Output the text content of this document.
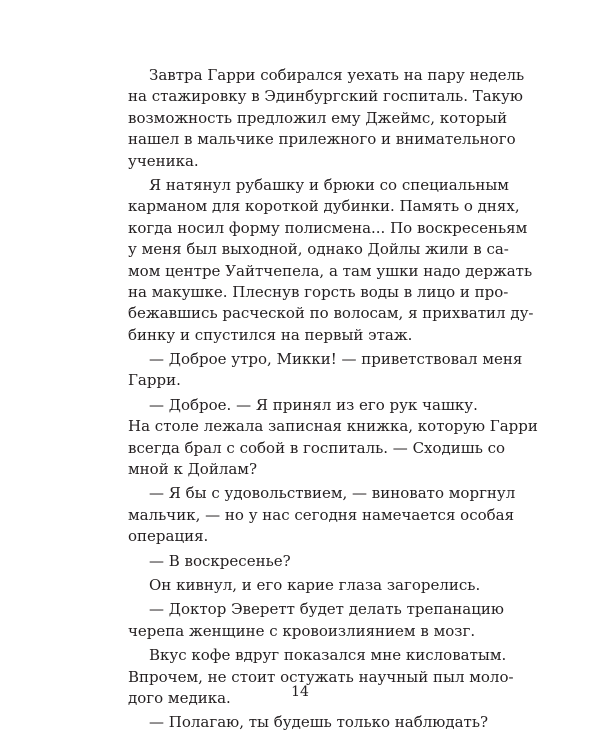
Завтра Гарри собирался уехать на пару недель
на стажировку в Эдинбургский госпиталь. Такую
возможность предложил ему Джеймс, который
нашел в мальчике прилежного и внимательного
ученика.
Я натянул рубашку и брюки со специальным
карманом для короткой дубинки. Память о днях,
когда носил форму полисмена... По воскресеньям
у меня был выходной, однако Дойлы жили в са-
мом центре Уайтчепела, а там ушки надо держать
на макушке. Плеснув горсть воды в лицо и про-
бежавшись расческой по волосам, я прихватил ду-
бинку и спустился на первый этаж.
— Доброе утро, Микки! — приветствовал меня
Гарри.
— Доброе. — Я принял из его рук чашку.
На столе лежала записная книжка, которую Гарри
всегда брал с собой в госпиталь. — Сходишь со
мной к Дойлам?
— Я бы с удовольствием, — виновато моргнул
мальчик, — но у нас сегодня намечается особая
операция.
— В воскресенье?
Он кивнул, и его карие глаза загорелись.
— Доктор Эверетт будет делать трепанацию
черепа женщине с кровоизлиянием в мозг.
Вкус кофе вдруг показался мне кисловатым.
Впрочем, не стоит остужать научный пыл моло-
дого медика.
— Полагаю, ты будешь только наблюдать?
14
